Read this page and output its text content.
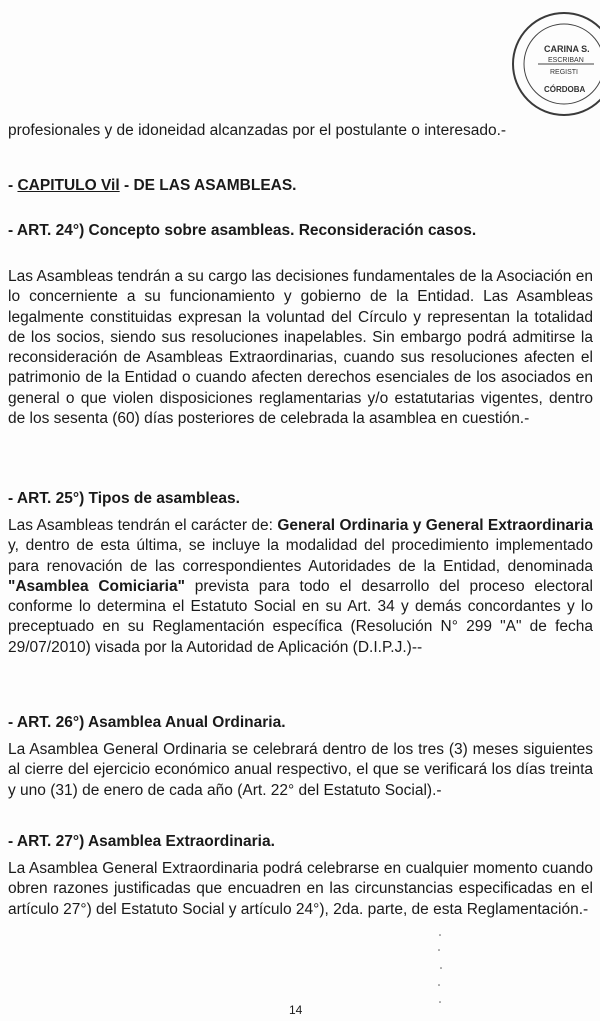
CARINA S.
ESCRIBAN
REGISTI
CÓRDOBA
profesionales y de idoneidad alcanzadas por el postulante o interesado.-
- CAPITULO Vil - DE LAS ASAMBLEAS.
- ART. 24°) Concepto sobre asambleas. Reconsideración casos.
Las Asambleas tendrán a su cargo las decisiones fundamentales de la Asociación en lo concerniente a su funcionamiento y gobierno de la Entidad. Las Asambleas legalmente constituidas expresan la voluntad del Círculo y representan la totalidad de los socios, siendo sus resoluciones inapelables. Sin embargo podrá admitirse la reconsideración de Asambleas Extraordinarias, cuando sus resoluciones afecten el patrimonio de la Entidad o cuando afecten derechos esenciales de los asociados en general o que violen disposiciones reglamentarias y/o estatutarias vigentes, dentro de los sesenta (60) días posteriores de celebrada la asamblea en cuestión.-
- ART. 25°) Tipos de asambleas.
Las Asambleas tendrán el carácter de: General Ordinaria y General Extraordinaria y, dentro de esta última, se incluye la modalidad del procedimiento implementado para renovación de las correspondientes Autoridades de la Entidad, denominada "Asamblea Comiciaria" prevista para todo el desarrollo del proceso electoral conforme lo determina el Estatuto Social en su Art. 34 y demás concordantes y lo preceptuado en su Reglamentación específica (Resolución N° 299 "A" de fecha 29/07/2010) visada por la Autoridad de Aplicación (D.I.P.J.)--
- ART. 26°) Asamblea Anual Ordinaria.
La Asamblea General Ordinaria se celebrará dentro de los tres (3) meses siguientes al cierre del ejercicio económico anual respectivo, el que se verificará los días treinta y uno (31) de enero de cada año (Art. 22° del Estatuto Social).-
- ART. 27°) Asamblea Extraordinaria.
La Asamblea General Extraordinaria podrá celebrarse en cualquier momento cuando obren razones justificadas que encuadren en las circunstancias especificadas en el artículo 27°) del Estatuto Social y artículo 24°), 2da. parte, de esta Reglamentación.-
14
